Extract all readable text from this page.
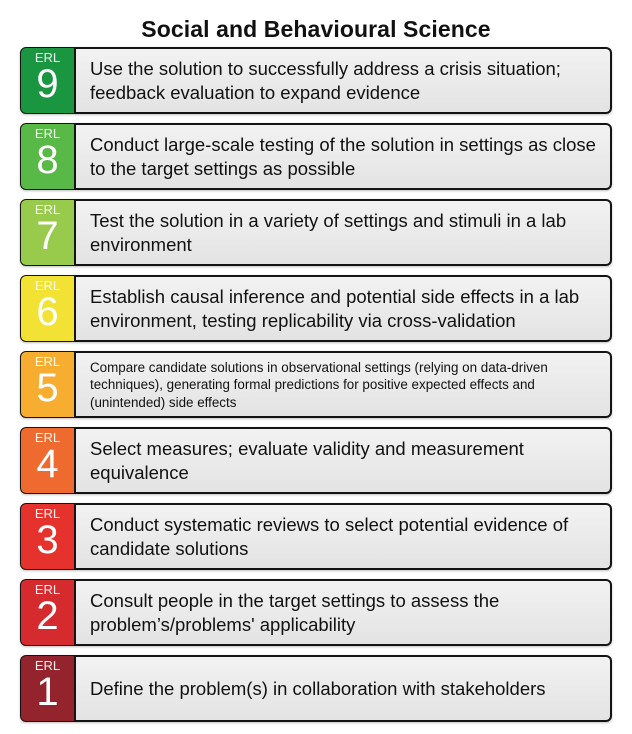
Social and Behavioural Science
ERL
9	Use the solution to successfully address a crisis situation; feedback evaluation to expand evidence
ERL
8	Conduct large-scale testing of the solution in settings as close to the target settings as possible
ERL
7	Test the solution in a variety of settings and stimuli in a lab environment
ERL
6	Establish causal inference and potential side effects in a lab environment, testing replicability via cross-validation
ERL
5	Compare candidate solutions in observational settings (relying on data-driven techniques), generating formal predictions for positive expected effects and (unintended) side effects
ERL
4	Select measures; evaluate validity and measurement equivalence
ERL
3	Conduct systematic reviews to select potential evidence of candidate solutions
ERL
2	Consult people in the target settings to assess the problem’s/problems' applicability
ERL
1	Define the problem(s) in collaboration with stakeholders
